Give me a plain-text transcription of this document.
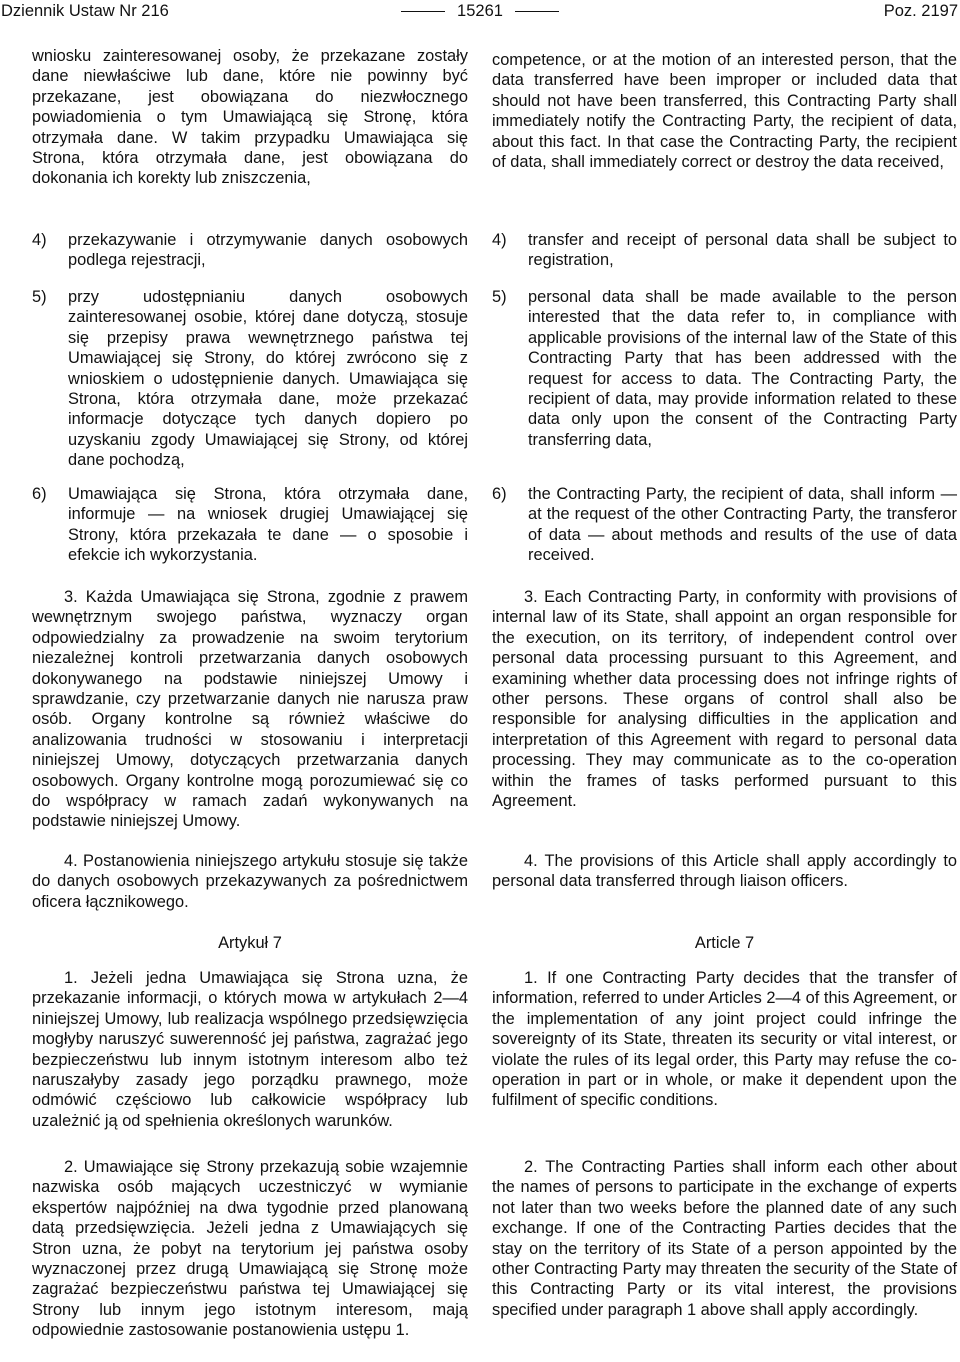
Dziennik Ustaw Nr 216	15261	Poz. 2197

wniosku zainteresowanej osoby, że przekazane zostały dane niewłaściwe lub dane, które nie powinny być przekazane, jest obowiązana do niezwłocznego powiadomienia o tym Umawiającą się Stronę, która otrzymała dane. W takim przypadku Umawiająca się Strona, która otrzymała dane, jest obowiązana do dokonania ich korekty lub zniszczenia,

4)	przekazywanie i otrzymywanie danych osobowych podlega rejestracji,
5)	przy udostępnianiu danych osobowych zainteresowanej osobie, której dane dotyczą, stosuje się przepisy prawa wewnętrznego państwa tej Umawiającej się Strony, do której zwrócono się z wnioskiem o udostępnienie danych. Umawiająca się Strona, która otrzymała dane, może przekazać informacje dotyczące tych danych dopiero po uzyskaniu zgody Umawiającej się Strony, od której dane pochodzą,
6)	Umawiająca się Strona, która otrzymała dane, informuje — na wniosek drugiej Umawiającej się Strony, która przekazała te dane — o sposobie i efekcie ich wykorzystania.

3. Każda Umawiająca się Strona, zgodnie z prawem wewnętrznym swojego państwa, wyznaczy organ odpowiedzialny za prowadzenie na swoim terytorium niezależnej kontroli przetwarzania danych osobowych dokonywanego na podstawie niniejszej Umowy i sprawdzanie, czy przetwarzanie danych nie narusza praw osób. Organy kontrolne są również właściwe do analizowania trudności w stosowaniu i interpretacji niniejszej Umowy, dotyczących przetwarzania danych osobowych. Organy kontrolne mogą porozumiewać się co do współpracy w ramach zadań wykonywanych na podstawie niniejszej Umowy.

4. Postanowienia niniejszego artykułu stosuje się także do danych osobowych przekazywanych za pośrednictwem oficera łącznikowego.

Artykuł 7

1. Jeżeli jedna Umawiająca się Strona uzna, że przekazanie informacji, o których mowa w artykułach 2—4 niniejszej Umowy, lub realizacja wspólnego przedsięwzięcia mogłyby naruszyć suwerenność jej państwa, zagrażać jego bezpieczeństwu lub innym istotnym interesom albo też naruszałyby zasady jego porządku prawnego, może odmówić częściowo lub całkowicie współpracy lub uzależnić ją od spełnienia określonych warunków.

2. Umawiające się Strony przekazują sobie wzajemnie nazwiska osób mających uczestniczyć w wymianie ekspertów najpóźniej na dwa tygodnie przed planowaną datą przedsięwzięcia. Jeżeli jedna z Umawiających się Stron uzna, że pobyt na terytorium jej państwa osoby wyznaczonej przez drugą Umawiającą się Stronę może zagrażać bezpieczeństwu państwa tej Umawiającej się Strony lub innym jego istotnym interesom, mają odpowiednie zastosowanie postanowienia ustępu 1.

competence, or at the motion of an interested person, that the data transferred have been improper or included data that should not have been transferred, this Contracting Party shall immediately notify the Contracting Party, the recipient of data, about this fact. In that case the Contracting Party, the recipient of data, shall immediately correct or destroy the data received,

4)	transfer and receipt of personal data shall be subject to registration,
5)	personal data shall be made available to the person interested that the data refer to, in compliance with applicable provisions of the internal law of the State of this Contracting Party that has been addressed with the request for access to data. The Contracting Party, the recipient of data, may provide information related to these data only upon the consent of the Contracting Party transferring data,
6)	the Contracting Party, the recipient of data, shall inform — at the request of the other Contracting Party, the transferor of data — about methods and results of the use of data received.

3. Each Contracting Party, in conformity with provisions of internal law of its State, shall appoint an organ responsible for the execution, on its territory, of independent control over personal data processing pursuant to this Agreement, and examining whether data processing does not infringe rights of other persons. These organs of control shall also be responsible for analysing difficulties in the application and interpretation of this Agreement with regard to personal data processing. They may communicate as to the co-operation within the frames of tasks performed pursuant to this Agreement.

4. The provisions of this Article shall apply accordingly to personal data transferred through liaison officers.

Article 7

1. If one Contracting Party decides that the transfer of information, referred to under Articles 2—4 of this Agreement, or the implementation of any joint project could infringe the sovereignty of its State, threaten its security or vital interest, or violate the rules of its legal order, this Party may refuse the co-operation in part or in whole, or make it dependent upon the fulfilment of specific conditions.

2. The Contracting Parties shall inform each other about the names of persons to participate in the exchange of experts not later than two weeks before the planned date of any such exchange. If one of the Contracting Parties decides that the stay on the territory of its State of a person appointed by the other Contracting Party may threaten the security of the State of this Contracting Party or its vital interest, the provisions specified under paragraph 1 above shall apply accordingly.
